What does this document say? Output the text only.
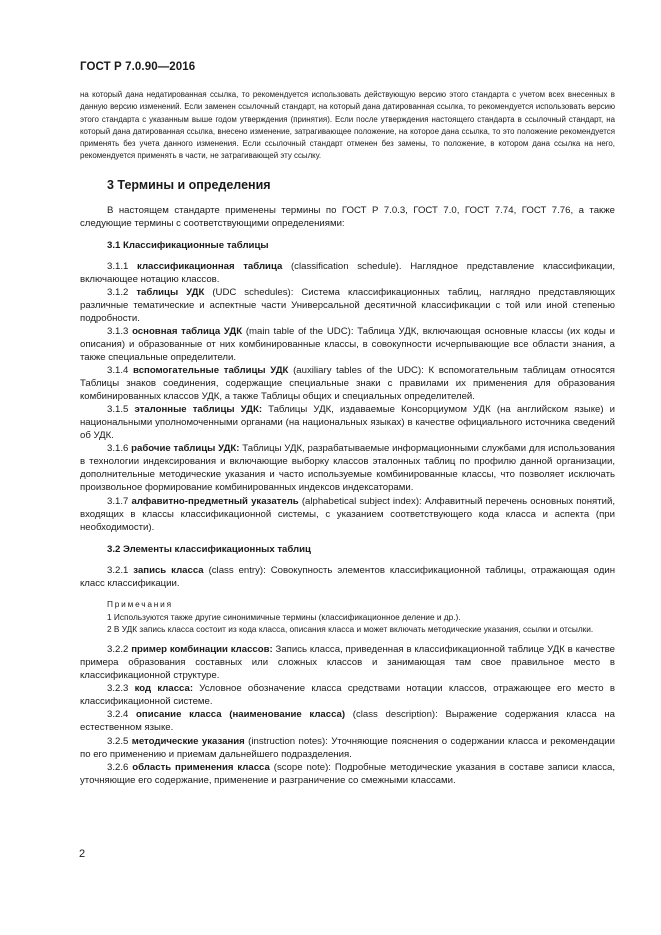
ГОСТ Р 7.0.90—2016

на который дана недатированная ссылка, то рекомендуется использовать действующую версию этого стандарта с учетом всех внесенных в данную версию изменений. Если заменен ссылочный стандарт, на который дана датированная ссылка, то рекомендуется использовать версию этого стандарта с указанным выше годом утверждения (принятия). Если после утверждения настоящего стандарта в ссылочный стандарт, на который дана датированная ссылка, внесено изменение, затрагивающее положение, на которое дана ссылка, то это положение рекомендуется применять без учета данного изменения. Если ссылочный стандарт отменен без замены, то положение, в котором дана ссылка на него, рекомендуется применять в части, не затрагивающей эту ссылку.

3 Термины и определения

В настоящем стандарте применены термины по ГОСТ Р 7.0.3, ГОСТ 7.0, ГОСТ 7.74, ГОСТ 7.76, а также следующие термины с соответствующими определениями:

3.1 Классификационные таблицы

3.1.1 классификационная таблица (classification schedule). Наглядное представление классификации, включающее нотацию классов.

3.1.2 таблицы УДК (UDC schedules): Система классификационных таблиц, наглядно представляющих различные тематические и аспектные части Универсальной десятичной классификации с той или иной степенью подробности.

3.1.3 основная таблица УДК (main table of the UDC): Таблица УДК, включающая основные классы (их коды и описания) и образованные от них комбинированные классы, в совокупности исчерпывающие все области знания, а также специальные определители.

3.1.4 вспомогательные таблицы УДК (auxiliary tables of the UDC): К вспомогательным таблицам относятся Таблицы знаков соединения, содержащие специальные знаки с правилами их применения для образования комбинированных классов УДК, а также Таблицы общих и специальных определителей.

3.1.5 эталонные таблицы УДК: Таблицы УДК, издаваемые Консорциумом УДК (на английском языке) и национальными уполномоченными органами (на национальных языках) в качестве официального источника сведений об УДК.

3.1.6 рабочие таблицы УДК: Таблицы УДК, разрабатываемые информационными службами для использования в технологии индексирования и включающие выборку классов эталонных таблиц по профилю данной организации, дополнительные методические указания и часто используемые комбинированные классы, что позволяет исключать произвольное формирование комбинированных индексов индексаторами.

3.1.7 алфавитно-предметный указатель (alphabetical subject index): Алфавитный перечень основных понятий, входящих в классы классификационной системы, с указанием соответствующего кода класса и аспекта (при необходимости).

3.2 Элементы классификационных таблиц

3.2.1 запись класса (class entry): Совокупность элементов классификационной таблицы, отражающая один класс классификации.

Примечания

1 Используются также другие синонимичные термины (классификационное деление и др.).

2 В УДК запись класса состоит из кода класса, описания класса и может включать методические указания, ссылки и отсылки.

3.2.2 пример комбинации классов: Запись класса, приведенная в классификационной таблице УДК в качестве примера образования составных или сложных классов и занимающая там свое правильное место в классификационной структуре.

3.2.3 код класса: Условное обозначение класса средствами нотации классов, отражающее его место в классификационной системе.

3.2.4 описание класса (наименование класса) (class description): Выражение содержания класса на естественном языке.

3.2.5 методические указания (instruction notes): Уточняющие пояснения о содержании класса и рекомендации по его применению и приемам дальнейшего подразделения.

3.2.6 область применения класса (scope note): Подробные методические указания в составе записи класса, уточняющие его содержание, применение и разграничение со смежными классами.

2
